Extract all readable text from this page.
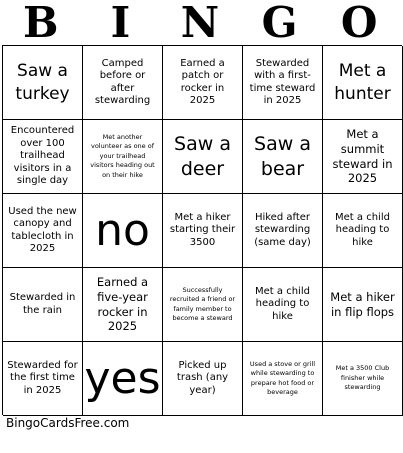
B	I	N G O
Saw a turkey
Camped before or after stewarding
Earned a patch or rocker in 2025
Stewarded with a first-time steward in 2025
Met a hunter
Encountered over 100 trailhead visitors in a single day
Met another volunteer as one of your trailhead visitors heading out on their hike
Saw a deer
Saw a bear
Met a summit steward in 2025
Used the new canopy and tablecloth in 2025 no	Met a hiker starting their 3500
Hiked after stewarding (same day)
Met a child heading to hike
Stewarded in the rain
Earned a five-year rocker in 2025
Successfully recruited a friend or family member to become a steward
Met a child heading to hike
Met a hiker in flip flops
Stewarded for the first time in 2025 yes	Picked up trash (any year)
Used a stove or grill while stewarding to prepare hot food or beverage
Met a 3500 Club finisher while stewarding
BingoCardsFree.com
